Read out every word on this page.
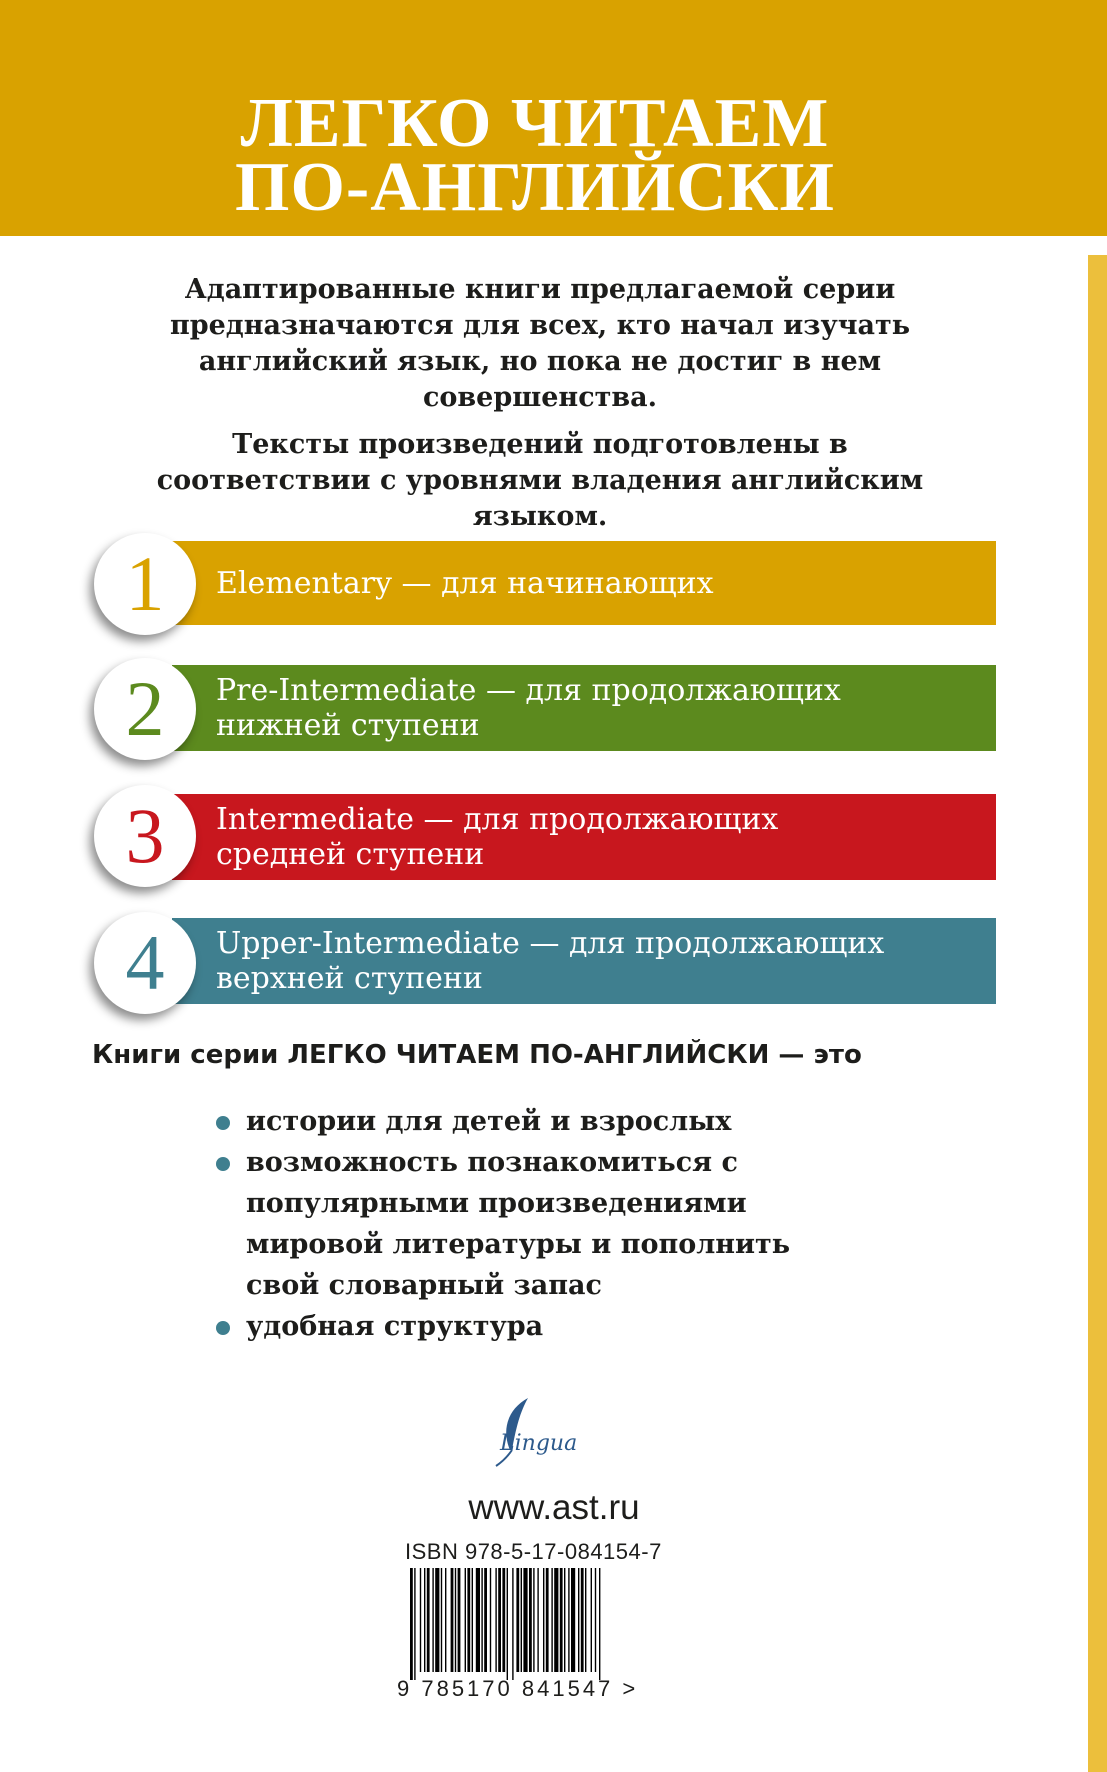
ЛЕГКО ЧИТАЕМ
ПО-АНГЛИЙСКИ

Адаптированные книги предлагаемой серии предназначаются для всех, кто начал изучать английский язык, но пока не достиг в нем совершенства.

Тексты произведений подготовлены в соответствии с уровнями владения английским языком.

Elementary — для начинающих
1
Pre-Intermediate — для продолжающих
нижней ступени
2
Intermediate — для продолжающих
средней ступени
3
Upper-Intermediate — для продолжающих
верхней ступени
4
Книги серии ЛЕГКО ЧИТАЕМ ПО-АНГЛИЙСКИ — это
истории для детей и взрослых
возможность познакомиться с популярными произведениями мировой литературы и пополнить свой словарный запас
удобная структура
Lingua
www.ast.ru
ISBN 978-5-17-084154-7
9 785170 841547 >
